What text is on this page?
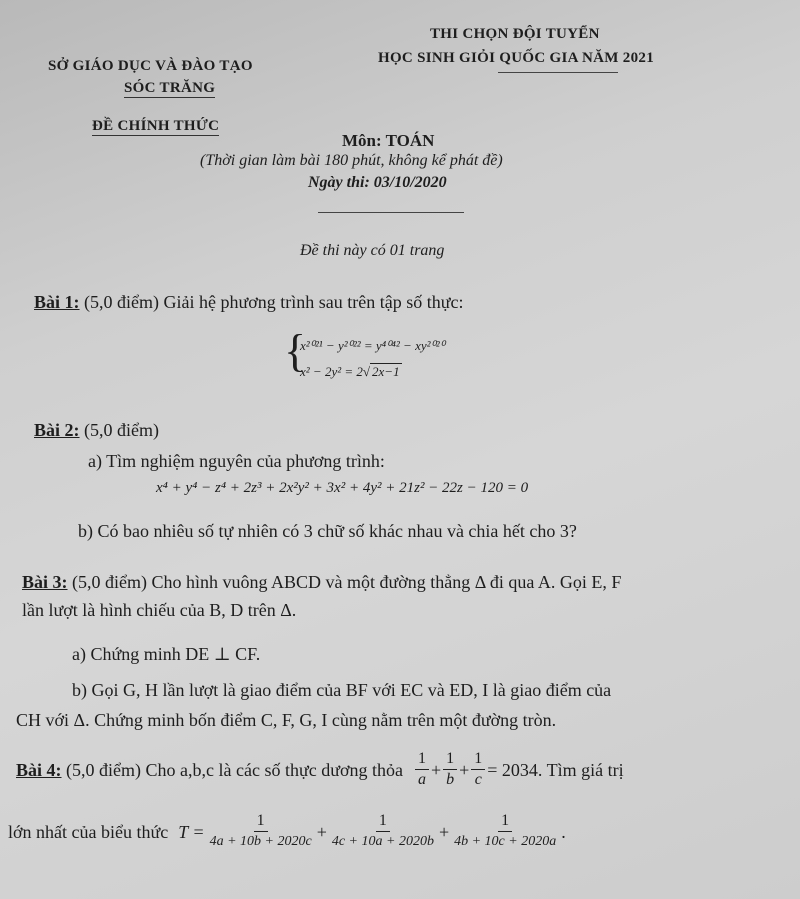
SỞ GIÁO DỤC VÀ ĐÀO TẠO
SÓC TRĂNG
THI CHỌN ĐỘI TUYỂN
HỌC SINH GIỎI QUỐC GIA NĂM 2021
ĐỀ CHÍNH THỨC
Môn: TOÁN
(Thời gian làm bài 180 phút, không kể phát đề)
Ngày thi: 03/10/2020
Đề thi này có 01 trang
Bài 1: (5,0 điểm) Giải hệ phương trình sau trên tập số thực:
{
x²⁰²¹ − y²⁰²² = y⁴⁰⁴² − xy²⁰²⁰
x² − 2y² = 2√ 2x−1
Bài 2: (5,0 điểm)
a) Tìm nghiệm nguyên của phương trình:
x⁴ + y⁴ − z⁴ + 2z³ + 2x²y² + 3x² + 4y² + 21z² − 22z − 120 = 0
b) Có bao nhiêu số tự nhiên có 3 chữ số khác nhau và chia hết cho 3?
Bài 3: (5,0 điểm) Cho hình vuông ABCD và một đường thẳng Δ đi qua A. Gọi E, F
lần lượt là hình chiếu của B, D trên Δ.
a) Chứng minh DE ⊥ CF.
b) Gọi G, H lần lượt là giao điểm của BF với EC và ED, I là giao điểm của
CH với Δ. Chứng minh bốn điểm C, F, G, I cùng nằm trên một đường tròn.
Bài 4: (5,0 điểm) Cho a,b,c là các số thực dương thỏa $\frac{1}{a} + \frac{1}{b} + \frac{1}{c} = 2034$ . Tìm giá trị
lớn nhất của biểu thức $T = \frac{1}{4a + 10b + 2020c} + \frac{1}{4c + 10a + 2020b} + \frac{1}{4b + 10c + 2020a}$ .
